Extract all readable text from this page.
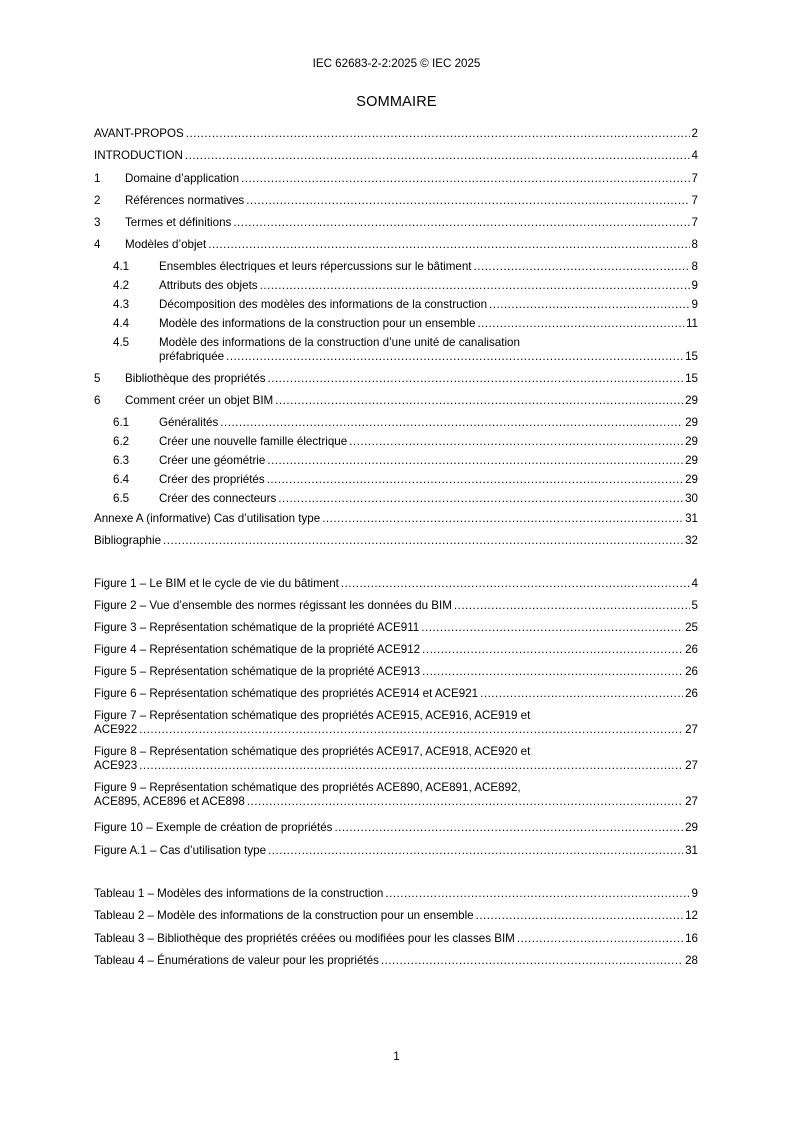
IEC 62683-2-2:2025 © IEC 2025
SOMMAIRE
AVANT-PROPOS .....	2
INTRODUCTION .....	4
1 Domaine d’application .....	7
2 Références normatives .....	7
3 Termes et définitions .....	7
4 Modèles d’objet .....	8
4.1	Ensembles électriques et leurs répercussions sur le bâtiment .....	8
4.2	Attributs des objets .....	9
4.3	Décomposition des modèles des informations de la construction .....	9
4.4	Modèle des informations de la construction pour un ensemble .....	11
4.5	Modèle des informations de la construction d’une unité de canalisation
préfabriquée .....	15
5 Bibliothèque des propriétés .....	15
6 Comment créer un objet BIM .....	29
6.1	Généralités .....	29
6.2	Créer une nouvelle famille électrique .....	29
6.3	Créer une géométrie .....	29
6.4	Créer des propriétés .....	29
6.5	Créer des connecteurs .....	30
Annexe A (informative) Cas d’utilisation type .....	31
Bibliographie .....	32
Figure 1 – Le BIM et le cycle de vie du bâtiment .....	4
Figure 2 – Vue d’ensemble des normes régissant les données du BIM .....	5
Figure 3 – Représentation schématique de la propriété ACE911 .....	25
Figure 4 – Représentation schématique de la propriété ACE912 .....	26
Figure 5 – Représentation schématique de la propriété ACE913 .....	26
Figure 6 – Représentation schématique des propriétés ACE914 et ACE921 .....	26
Figure 7 – Représentation schématique des propriétés ACE915, ACE916, ACE919 et
ACE922 .....	27
Figure 8 – Représentation schématique des propriétés ACE917, ACE918, ACE920 et
ACE923 .....	27
Figure 9 – Représentation schématique des propriétés ACE890, ACE891, ACE892,
ACE895, ACE896 et ACE898 .....	27
Figure 10 – Exemple de création de propriétés .....	29
Figure A.1 – Cas d’utilisation type .....	31
Tableau 1 – Modèles des informations de la construction .....	9
Tableau 2 – Modèle des informations de la construction pour un ensemble .....	12
Tableau 3 – Bibliothèque des propriétés créées ou modifiées pour les classes BIM .....	16
Tableau 4 – Énumérations de valeur pour les propriétés .....	28
1
